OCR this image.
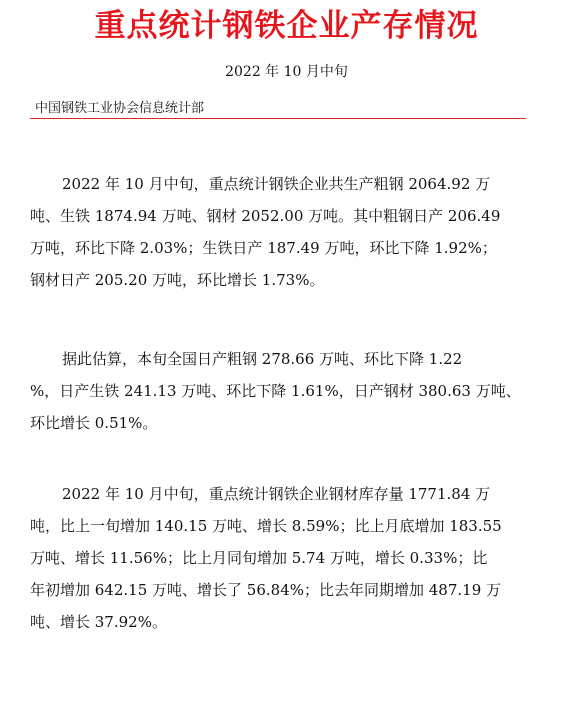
重点统计钢铁企业产存情况
2022 年 10 月中旬
中国钢铁工业协会信息统计部
2022 年 10 月中旬，重点统计钢铁企业共生产粗钢 2064.92 万
吨、生铁 1874.94 万吨、钢材 2052.00 万吨。其中粗钢日产 206.49
万吨，环比下降 2.03%；生铁日产 187.49 万吨，环比下降 1.92%；
钢材日产 205.20 万吨，环比增长 1.73%。
据此估算，本旬全国日产粗钢 278.66 万吨、环比下降 1.22
%，日产生铁 241.13 万吨、环比下降 1.61%，日产钢材 380.63 万吨、
环比增长 0.51%。
2022 年 10 月中旬，重点统计钢铁企业钢材库存量 1771.84 万
吨，比上一旬增加 140.15 万吨、增长 8.59%；比上月底增加 183.55
万吨、增长 11.56%；比上月同旬增加 5.74 万吨，增长 0.33%；比
年初增加 642.15 万吨、增长了 56.84%；比去年同期增加 487.19 万
吨、增长 37.92%。
